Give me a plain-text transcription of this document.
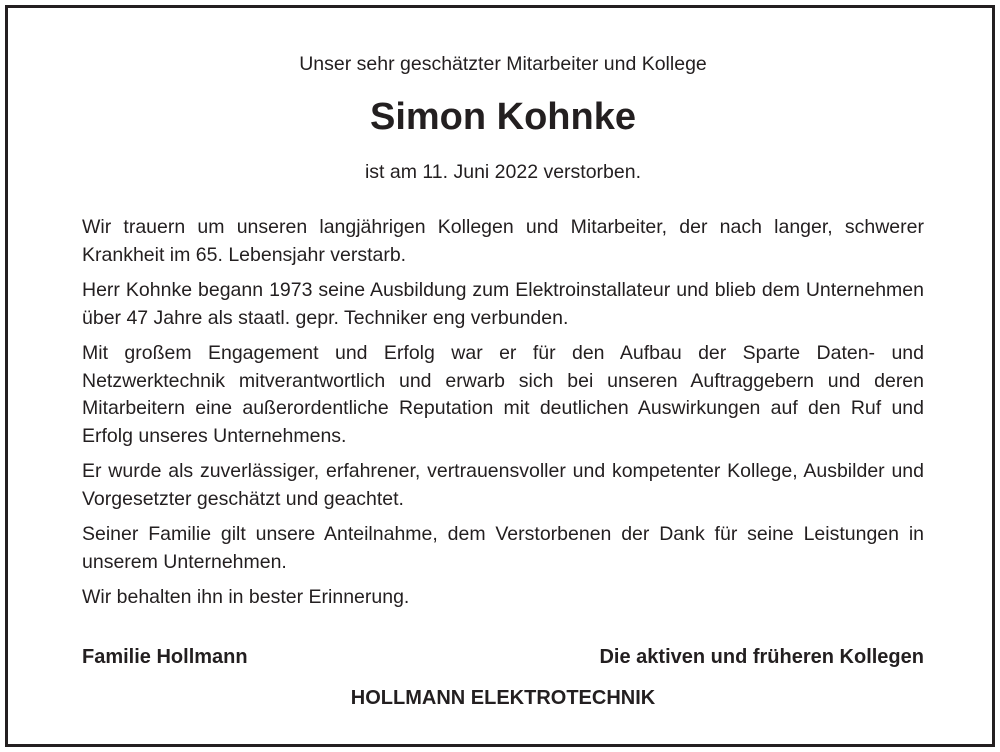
Unser sehr geschätzter Mitarbeiter und Kollege
Simon Kohnke
ist am 11. Juni 2022 verstorben.

Wir trauern um unseren langjährigen Kollegen und Mitarbeiter, der nach langer, schwerer Krankheit im 65. Lebensjahr verstarb.

Herr Kohnke begann 1973 seine Ausbildung zum Elektroinstallateur und blieb dem Unternehmen über 47 Jahre als staatl. gepr. Techniker eng verbunden.

Mit großem Engagement und Erfolg war er für den Aufbau der Sparte Daten- und Netzwerktechnik mitverantwortlich und erwarb sich bei unseren Auftraggebern und deren Mitarbeitern eine außerordentliche Reputation mit deutlichen Auswirkungen auf den Ruf und Erfolg unseres Unternehmens.

Er wurde als zuverlässiger, erfahrener, vertrauensvoller und kompetenter Kollege, Ausbilder und Vorgesetzter geschätzt und geachtet.

Seiner Familie gilt unsere Anteilnahme, dem Verstorbenen der Dank für seine Leistungen in unserem Unternehmen.

Wir behalten ihn in bester Erinnerung.

Familie Hollmann	Die aktiven und früheren Kollegen
HOLLMANN ELEKTROTECHNIK
